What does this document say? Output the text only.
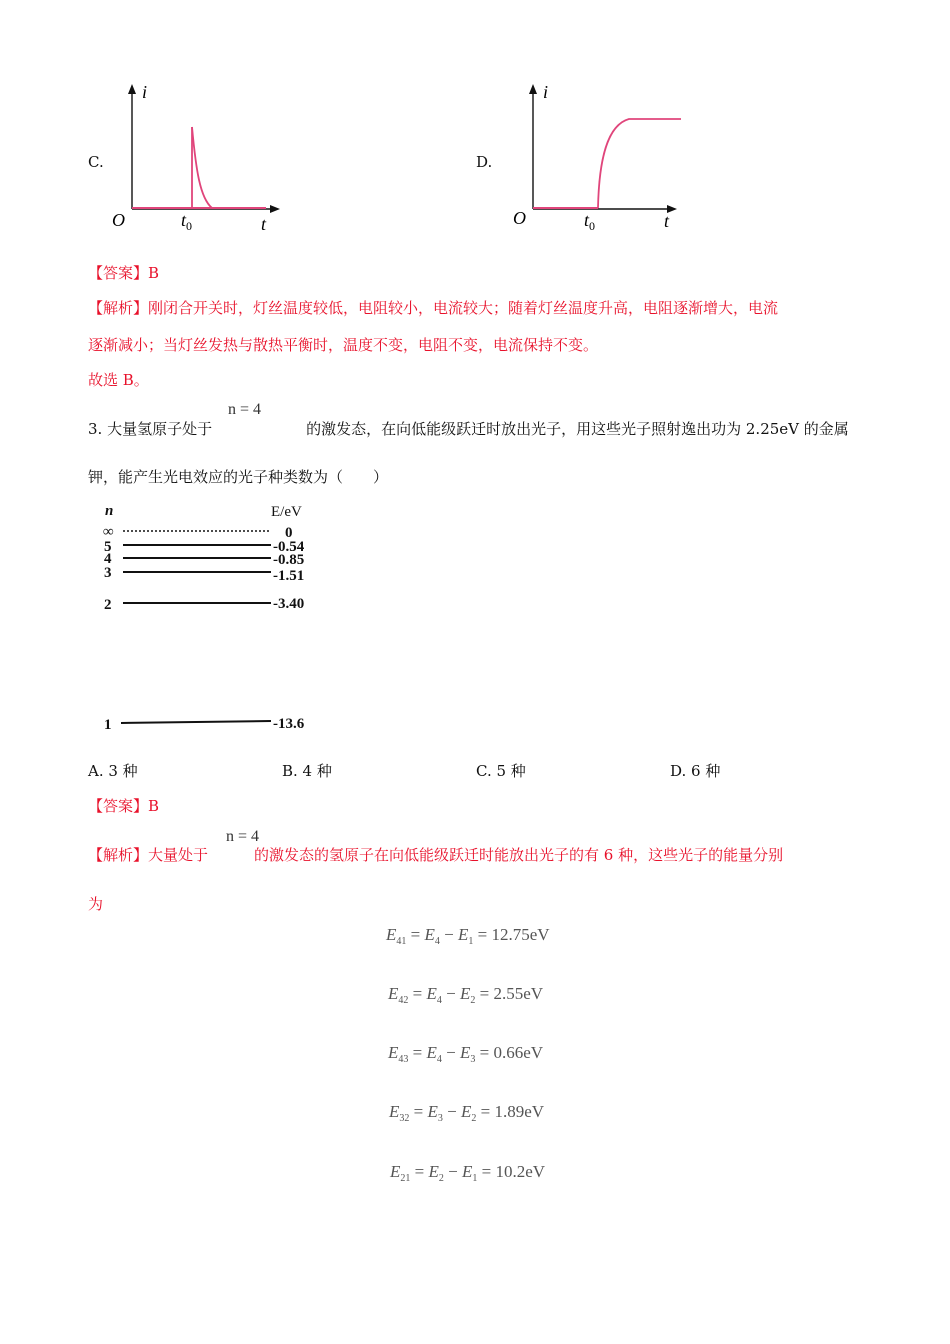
C.
i
t
O	$t_0$
D.
i
t
O	$t_0$
【答案】B
【解析】刚闭合开关时，灯丝温度较低，电阻较小，电流较大；随着灯丝温度升高，电阻逐渐增大，电流
逐渐减小；当灯丝发热与散热平衡时，温度不变，电阻不变，电流保持不变。
故选 B。
3. 大量氢原子处于	的激发态，在向低能级跃迁时放出光子，用这些光子照射逸出功为 2.25eV 的金属
n = 4
钾，能产生光电效应的光子种类数为（　　）
n	E/eV
∞	0
5	-0.54
4	-0.85
3	-1.51
2	-3.40
1	-13.6
A. 3 种	B. 4 种	C. 5 种	D. 6 种
【答案】B
【解析】大量处于	的激发态的氢原子在向低能级跃迁时能放出光子的有 6 种，这些光子的能量分别
n = 4
为
$E_{41} = E_4 - E_1 = 12.75eV$
$E_{42} = E_4 - E_2 = 2.55eV$
$E_{43} = E_4 - E_3 = 0.66eV$
$E_{32} = E_3 - E_2 = 1.89eV$
$E_{21} = E_2 - E_1 = 10.2eV$
